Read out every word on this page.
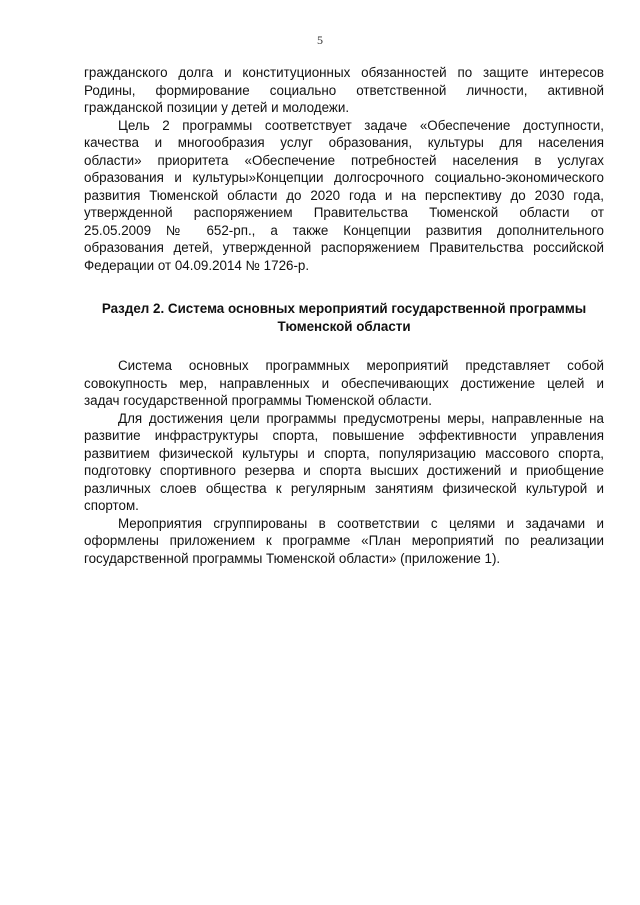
5

гражданского долга и конституционных обязанностей по защите интересов
Родины, формирование социально ответственной личности, активной
гражданской позиции у детей и молодежи.

Цель 2 программы соответствует задаче «Обеспечение доступности,
качества и многообразия услуг образования, культуры для населения
области» приоритета «Обеспечение потребностей населения в услугах
образования и культуры»Концепции долгосрочного социально-экономического
развития Тюменской области до 2020 года и на перспективу до 2030 года,
утвержденной распоряжением Правительства Тюменской области от
25.05.2009 № 652-рп., а также Концепции развития дополнительного
образования детей, утвержденной распоряжением Правительства российской
Федерации от 04.09.2014 № 1726-р.

Раздел 2. Система основных мероприятий государственной программы
Тюменской области

Система основных программных мероприятий представляет собой
совокупность мер, направленных и обеспечивающих достижение целей и
задач государственной программы Тюменской области.

Для достижения цели программы предусмотрены меры, направленные на
развитие инфраструктуры спорта, повышение эффективности управления
развитием физической культуры и спорта, популяризацию массового спорта,
подготовку спортивного резерва и спорта высших достижений и приобщение
различных слоев общества к регулярным занятиям физической культурой и
спортом.

Мероприятия сгруппированы в соответствии с целями и задачами и
оформлены приложением к программе «План мероприятий по реализации
государственной программы Тюменской области» (приложение 1).
